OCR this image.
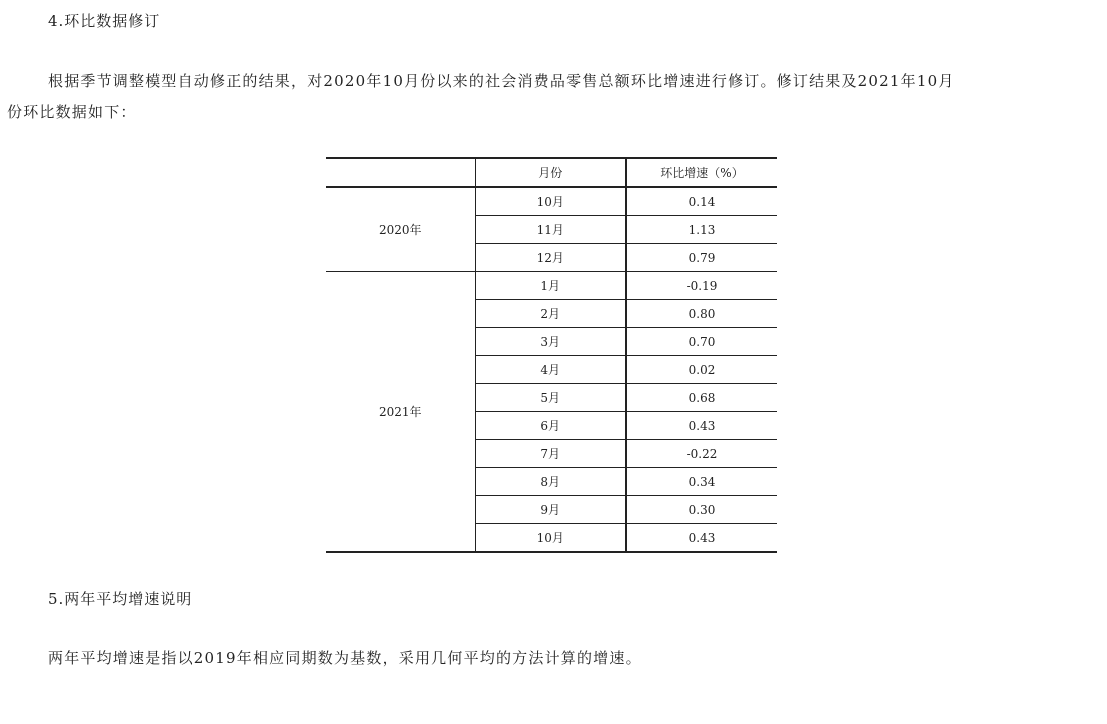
4.环比数据修订
根据季节调整模型自动修正的结果，对2020年10月份以来的社会消费品零售总额环比增速进行修订。修订结果及2021年10月
份环比数据如下：
	月份	环比增速（%）
2020年	10月	0.14
	11月	1.13
	12月	0.79
2021年	1月	-0.19
	2月	0.80
	3月	0.70
	4月	0.02
	5月	0.68
	6月	0.43
	7月	-0.22
	8月	0.34
	9月	0.30
	10月	0.43
5.两年平均增速说明
两年平均增速是指以2019年相应同期数为基数，采用几何平均的方法计算的增速。
